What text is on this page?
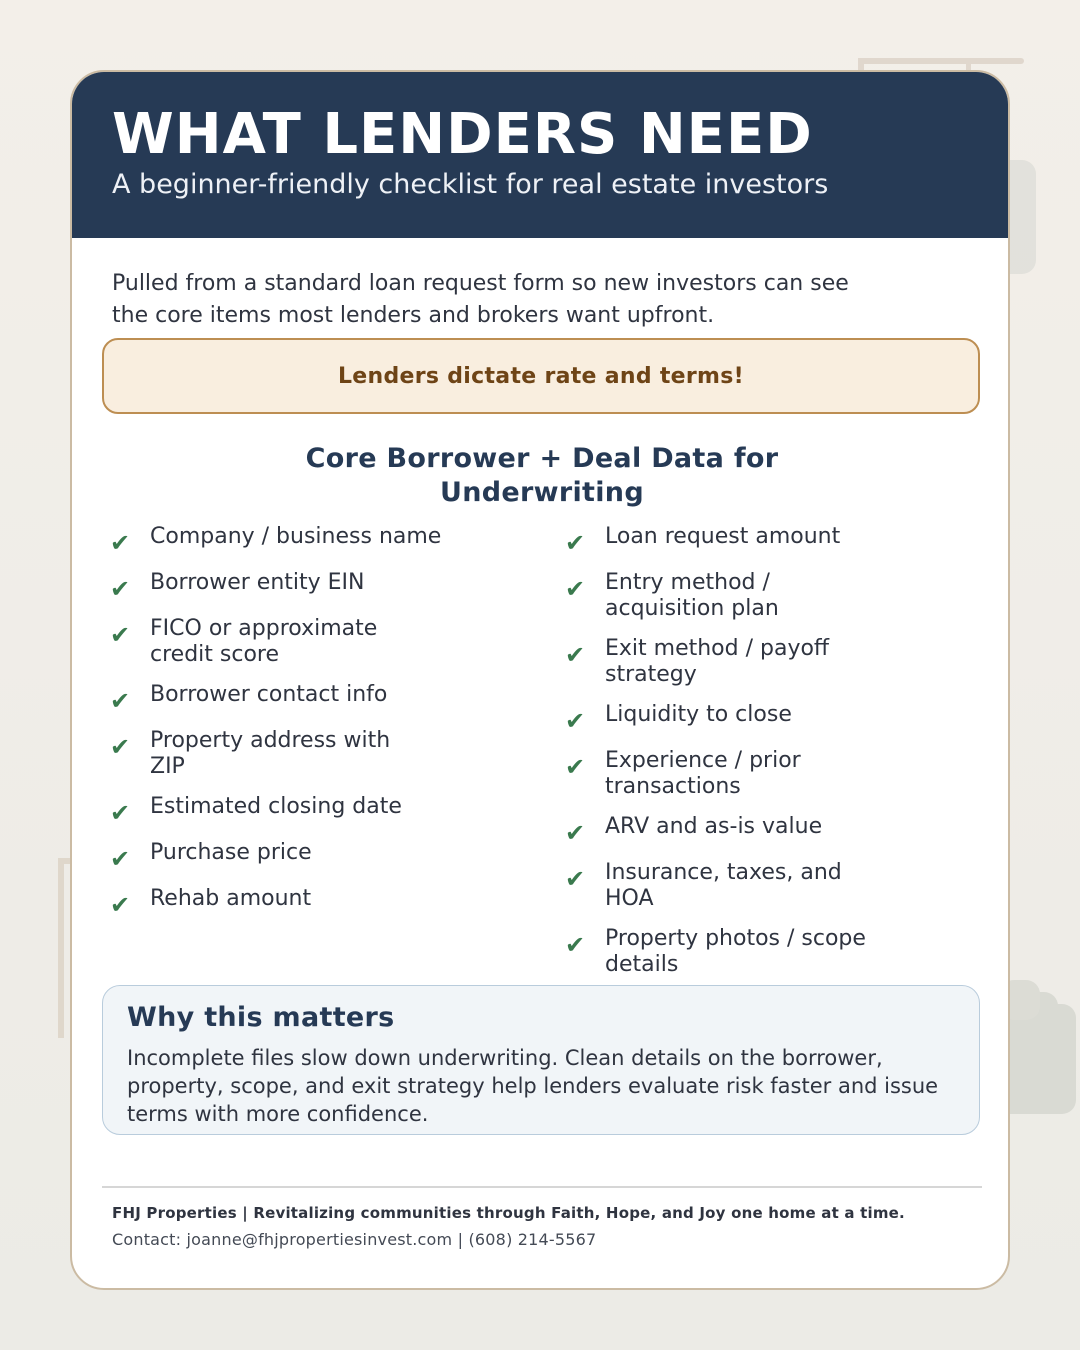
WHAT LENDERS NEED
A beginner-friendly checklist for real estate investors
Pulled from a standard loan request form so new investors can see the core items most lenders and brokers want upfront.
Lenders dictate rate and terms!
Core Borrower + Deal Data for Underwriting
✔ Company / business name
✔ Borrower entity EIN
✔ FICO or approximate credit score
✔ Borrower contact info
✔ Property address with ZIP
✔ Estimated closing date
✔ Purchase price
✔ Rehab amount
✔ Loan request amount
✔ Entry method / acquisition plan
✔ Exit method / payoff strategy
✔ Liquidity to close
✔ Experience / prior transactions
✔ ARV and as-is value
✔ Insurance, taxes, and HOA
✔ Property photos / scope details
Why this matters
Incomplete files slow down underwriting. Clean details on the borrower, property, scope, and exit strategy help lenders evaluate risk faster and issue terms with more confidence.
FHJ Properties | Revitalizing communities through Faith, Hope, and Joy one home at a time.
Contact: joanne@fhjpropertiesinvest.com | (608) 214-5567
